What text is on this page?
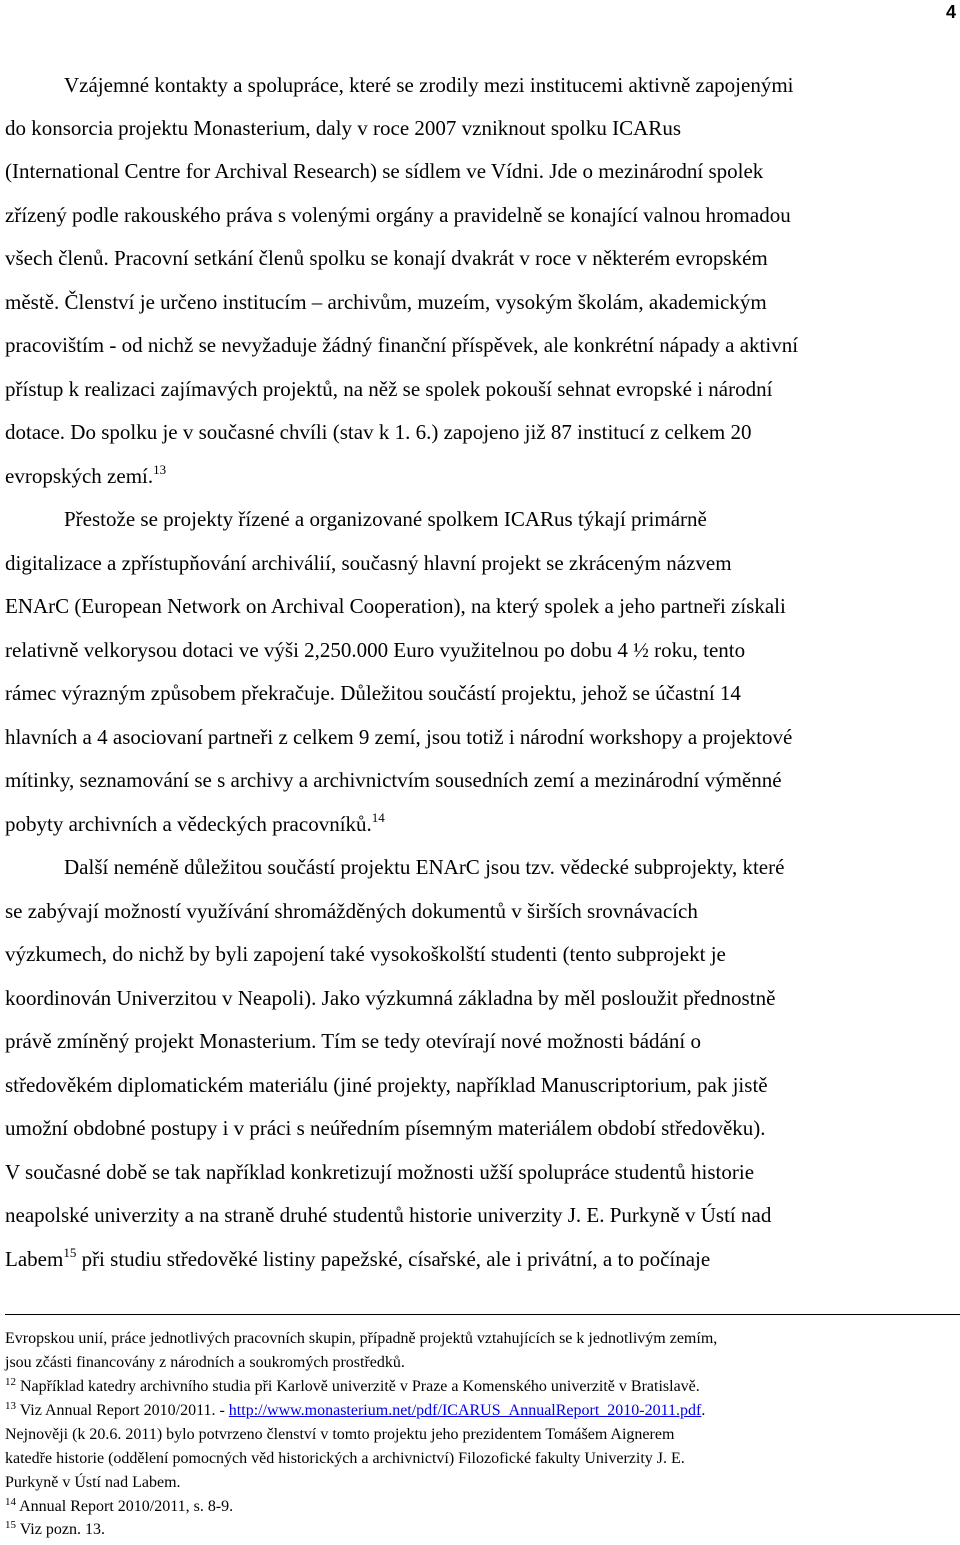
4
Vzájemné kontakty a spolupráce, které se zrodily mezi institucemi aktivně zapojenými
do konsorcia projektu Monasterium, daly v roce 2007 vzniknout spolku ICARus
(International Centre for Archival Research) se sídlem ve Vídni. Jde o mezinárodní spolek
zřízený podle rakouského práva s volenými orgány a pravidelně se konající valnou hromadou
všech členů. Pracovní setkání členů spolku se konají dvakrát v roce v některém evropském
městě. Členství je určeno institucím – archivům, muzeím, vysokým školám, akademickým
pracovištím - od nichž se nevyžaduje žádný finanční příspěvek, ale konkrétní nápady a aktivní
přístup k realizaci zajímavých projektů, na něž se spolek pokouší sehnat evropské i národní
dotace. Do spolku je v současné chvíli (stav k 1. 6.) zapojeno již 87 institucí z celkem 20
evropských zemí.$^{13}$
Přestože se projekty řízené a organizované spolkem ICARus týkají primárně
digitalizace a zpřístupňování archiválií, současný hlavní projekt se zkráceným názvem
ENArC (European Network on Archival Cooperation), na který spolek a jeho partneři získali
relativně velkorysou dotaci ve výši 2,250.000 Euro využitelnou po dobu 4 ½ roku, tento
rámec výrazným způsobem překračuje. Důležitou součástí projektu, jehož se účastní 14
hlavních a 4 asociovaní partneři z celkem 9 zemí, jsou totiž i národní workshopy a projektové
mítinky, seznamování se s archivy a archivnictvím sousedních zemí a mezinárodní výměnné
pobyty archivních a vědeckých pracovníků.$^{14}$
Další neméně důležitou součástí projektu ENArC jsou tzv. vědecké subprojekty, které
se zabývají možností využívání shromážděných dokumentů v širších srovnávacích
výzkumech, do nichž by byli zapojení také vysokoškolští studenti (tento subprojekt je
koordinován Univerzitou v Neapoli). Jako výzkumná základna by měl posloužit přednostně
právě zmíněný projekt Monasterium. Tím se tedy otevírají nové možnosti bádání o
středověkém diplomatickém materiálu (jiné projekty, například Manuscriptorium, pak jistě
umožní obdobné postupy i v práci s neúředním písemným materiálem období středověku).
V současné době se tak například konkretizují možnosti užší spolupráce studentů historie
neapolské univerzity a na straně druhé studentů historie univerzity J. E. Purkyně v Ústí nad
Labem$^{15}$ při studiu středověké listiny papežské, císařské, ale i privátní, a to počínaje
Evropskou unií, práce jednotlivých pracovních skupin, případně projektů vztahujících se k jednotlivým zemím,
jsou zčásti financovány z národních a soukromých prostředků.
$^{12}$ Například katedry archivního studia při Karlově univerzitě v Praze a Komenského univerzitě v Bratislavě.
$^{13}$ Viz Annual Report 2010/2011. - http://www.monasterium.net/pdf/ICARUS_AnnualReport_2010-2011.pdf.
Nejnověji (k 20.6. 2011) bylo potvrzeno členství v tomto projektu jeho prezidentem Tomášem Aignerem
katedře historie (oddělení pomocných věd historických a archivnictví) Filozofické fakulty Univerzity J. E.
Purkyně v Ústí nad Labem.
$^{14}$ Annual Report 2010/2011, s. 8-9.
$^{15}$ Viz pozn. 13.
